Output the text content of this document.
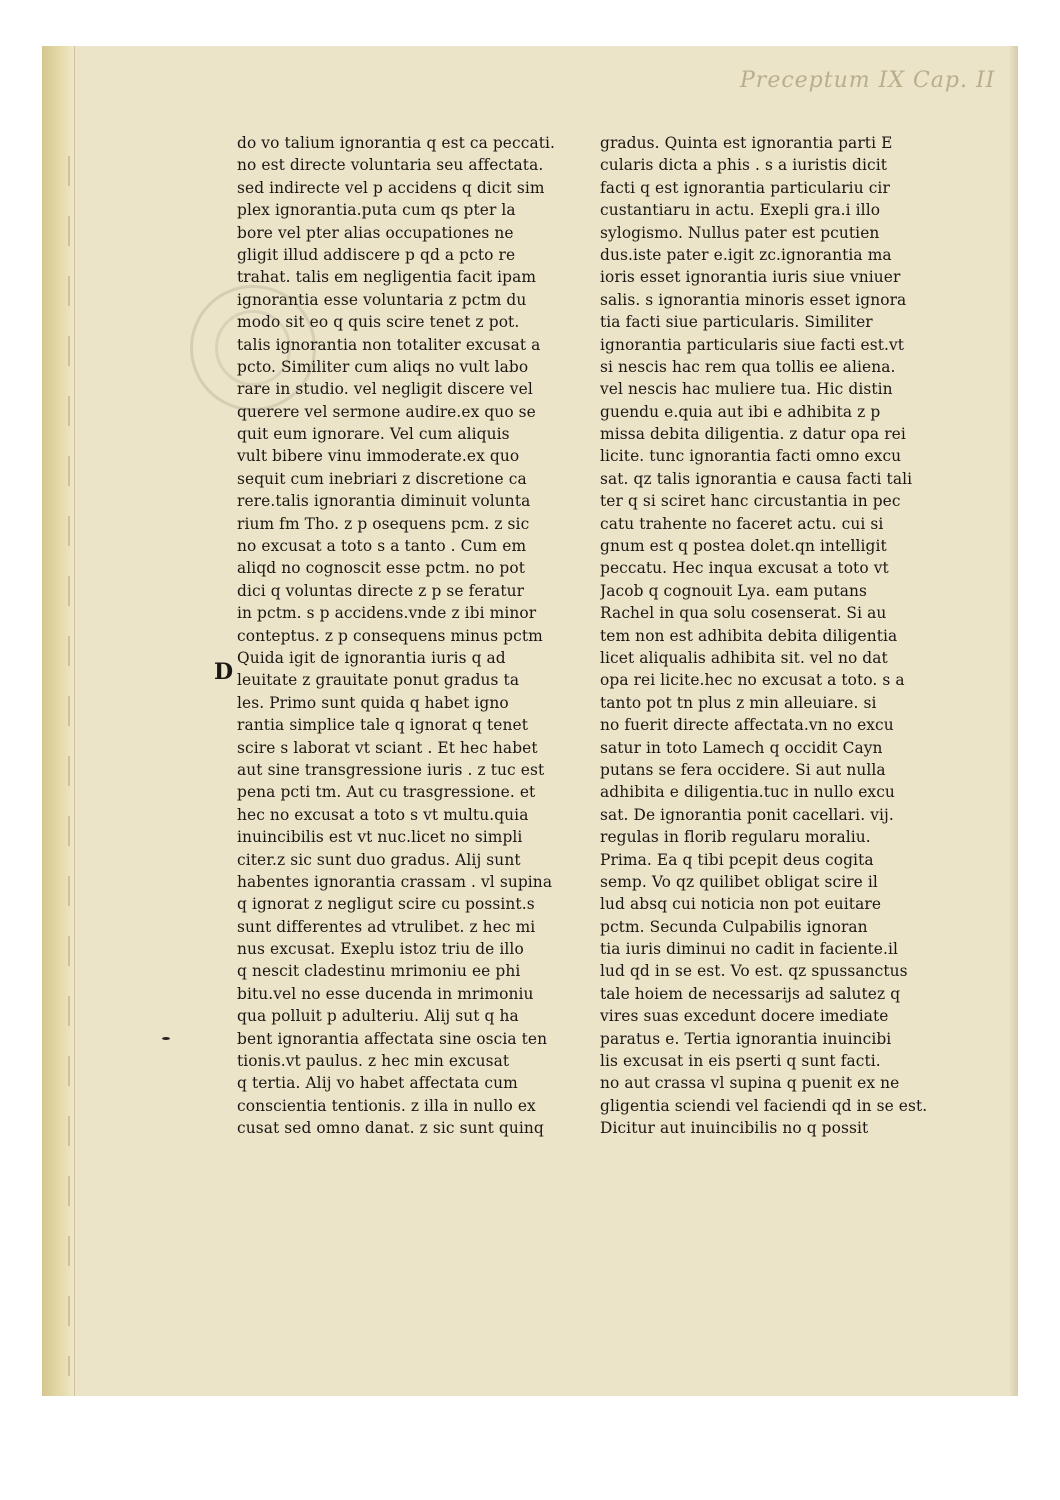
Preceptum IX Cap. II
D
do vo talium ignorantia q est ca peccati.
no est directe voluntaria seu affectata.
sed indirecte vel p accidens q dicit sim
plex ignorantia.puta cum qs pter la
bore vel pter alias occupationes ne
gligit illud addiscere p qd a pcto re
trahat. talis em negligentia facit ipam
ignorantia esse voluntaria z pctm du
modo sit eo q quis scire tenet z pot.
talis ignorantia non totaliter excusat a
pcto. Similiter cum aliqs no vult labo
rare in studio. vel negligit discere vel
querere vel sermone audire.ex quo se
quit eum ignorare. Vel cum aliquis
vult bibere vinu immoderate.ex quo
sequit cum inebriari z discretione ca
rere.talis ignorantia diminuit volunta
rium fm Tho. z p osequens pcm. z sic
no excusat a toto s a tanto . Cum em
aliqd no cognoscit esse pctm. no pot
dici q voluntas directe z p se feratur
in pctm. s p accidens.vnde z ibi minor
conteptus. z p consequens minus pctm
Quida igit de ignorantia iuris q ad
leuitate z grauitate ponut gradus ta
les. Primo sunt quida q habet igno
rantia simplice tale q ignorat q tenet
scire s laborat vt sciant . Et hec habet
aut sine transgressione iuris . z tuc est
pena pcti tm. Aut cu trasgressione. et
hec no excusat a toto s vt multu.quia
inuincibilis est vt nuc.licet no simpli
citer.z sic sunt duo gradus. Alij sunt
habentes ignorantia crassam . vl supina
q ignorat z negligut scire cu possint.s
sunt differentes ad vtrulibet. z hec mi
nus excusat. Exeplu istoz triu de illo
q nescit cladestinu mrimoniu ee phi
bitu.vel no esse ducenda in mrimoniu
qua polluit p adulteriu. Alij sut q ha
bent ignorantia affectata sine oscia ten
tionis.vt paulus. z hec min excusat
q tertia. Alij vo habet affectata cum
conscientia tentionis. z illa in nullo ex
cusat sed omno danat. z sic sunt quinq
gradus. Quinta est ignorantia parti E
cularis dicta a phis . s a iuristis dicit
facti q est ignorantia particulariu cir
custantiaru in actu. Exepli gra.i illo
sylogismo. Nullus pater est pcutien
dus.iste pater e.igit zc.ignorantia ma
ioris esset ignorantia iuris siue vniuer
salis. s ignorantia minoris esset ignora
tia facti siue particularis. Similiter
ignorantia particularis siue facti est.vt
si nescis hac rem qua tollis ee aliena.
vel nescis hac muliere tua. Hic distin
guendu e.quia aut ibi e adhibita z p
missa debita diligentia. z datur opa rei
licite. tunc ignorantia facti omno excu
sat. qz talis ignorantia e causa facti tali
ter q si sciret hanc circustantia in pec
catu trahente no faceret actu. cui si
gnum est q postea dolet.qn intelligit
peccatu. Hec inqua excusat a toto vt
Jacob q cognouit Lya. eam putans
Rachel in qua solu cosenserat. Si au
tem non est adhibita debita diligentia
licet aliqualis adhibita sit. vel no dat
opa rei licite.hec no excusat a toto. s a
tanto pot tn plus z min alleuiare. si
no fuerit directe affectata.vn no excu
satur in toto Lamech q occidit Cayn
putans se fera occidere. Si aut nulla
adhibita e diligentia.tuc in nullo excu
sat. De ignorantia ponit cacellari. vij.
regulas in florib regularu moraliu.
Prima. Ea q tibi pcepit deus cogita
semp. Vo qz quilibet obligat scire il
lud absq cui noticia non pot euitare
pctm. Secunda Culpabilis ignoran
tia iuris diminui no cadit in faciente.il
lud qd in se est. Vo est. qz spussanctus
tale hoiem de necessarijs ad salutez q
vires suas excedunt docere imediate
paratus e. Tertia ignorantia inuincibi
lis excusat in eis pserti q sunt facti.
no aut crassa vl supina q puenit ex ne
gligentia sciendi vel faciendi qd in se est.
Dicitur aut inuincibilis no q possit
